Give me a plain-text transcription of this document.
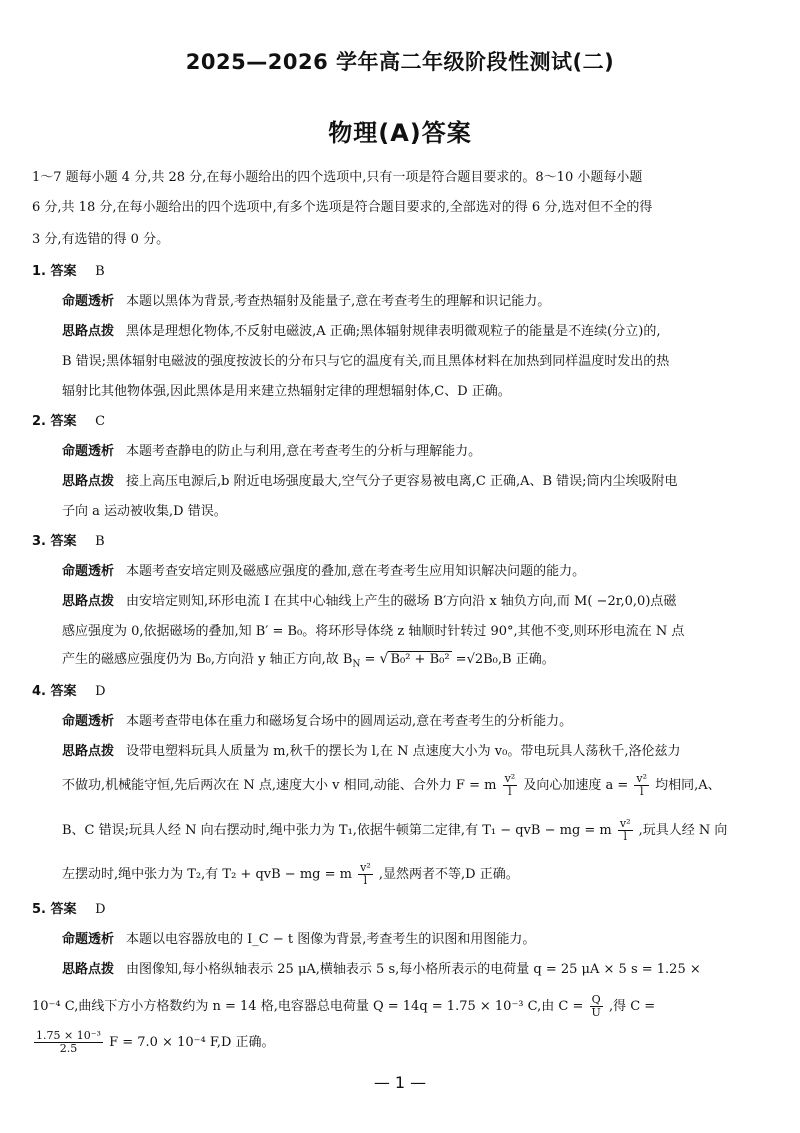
2025—2026 学年高二年级阶段性测试(二)
物理(A)答案
1～7 题每小题 4 分,共 28 分,在每小题给出的四个选项中,只有一项是符合题目要求的。8～10 小题每小题
6 分,共 18 分,在每小题给出的四个选项中,有多个选项是符合题目要求的,全部选对的得 6 分,选对但不全的得
3 分,有选错的得 0 分。
1. 答案 B
命题透析 本题以黑体为背景,考查热辐射及能量子,意在考查考生的理解和识记能力。
思路点拨 黑体是理想化物体,不反射电磁波,A 正确;黑体辐射规律表明微观粒子的能量是不连续(分立)的,
B 错误;黑体辐射电磁波的强度按波长的分布只与它的温度有关,而且黑体材料在加热到同样温度时发出的热
辐射比其他物体强,因此黑体是用来建立热辐射定律的理想辐射体,C、D 正确。
2. 答案 C
命题透析 本题考查静电的防止与利用,意在考查考生的分析与理解能力。
思路点拨 接上高压电源后,b 附近电场强度最大,空气分子更容易被电离,C 正确,A、B 错误;筒内尘埃吸附电
子向 a 运动被收集,D 错误。
3. 答案 B
命题透析 本题考查安培定则及磁感应强度的叠加,意在考查考生应用知识解决问题的能力。
思路点拨 由安培定则知,环形电流 I 在其中心轴线上产生的磁场 B′方向沿 x 轴负方向,而 M( −2r,0,0)点磁
感应强度为 0,依据磁场的叠加,知 B′ = B₀。将环形导体绕 z 轴顺时针转过 90°,其他不变,则环形电流在 N 点
产生的磁感应强度仍为 B₀,方向沿 y 轴正方向,故 $B_N$ = √ B₀² + B₀² =√2B₀,B 正确。
4. 答案 D
命题透析 本题考查带电体在重力和磁场复合场中的圆周运动,意在考查考生的分析能力。
思路点拨 设带电塑料玩具人质量为 m,秋千的摆长为 l,在 N 点速度大小为 v₀。带电玩具人荡秋千,洛伦兹力
不做功,机械能守恒,先后两次在 N 点,速度大小 v 相同,动能、合外力 F = m $\frac{\text{v²}}{l}$ 及向心加速度 $a = \frac{\text{v²}}{l}$ 均相同,A、
B、C 错误;玩具人经 N 向右摆动时,绳中张力为 T₁,依据牛顿第二定律,有 T₁ − qvB − mg = m $\frac{\text{v²}}{l}$ ,玩具人经 N 向
左摆动时,绳中张力为 T₂,有 T₂ + qvB − mg = m $\frac{\text{v²}}{l}$ ,显然两者不等,D 正确。
5. 答案 D
命题透析 本题以电容器放电的 I_C − t 图像为背景,考查考生的识图和用图能力。
思路点拨 由图像知,每小格纵轴表示 25 μA,横轴表示 5 s,每小格所表示的电荷量 q = 25 μA × 5 s = 1.25 ×
10⁻⁴ C,曲线下方小方格数约为 n = 14 格,电容器总电荷量 Q = 14q = 1.75 × 10⁻³ C,由 $C = \frac{Q}{U}$ ,得 C =
$\frac{\text{1.75 × 10⁻³}}{2.5}$ F = 7.0 × 10⁻⁴ F,D 正确。
— 1 —
